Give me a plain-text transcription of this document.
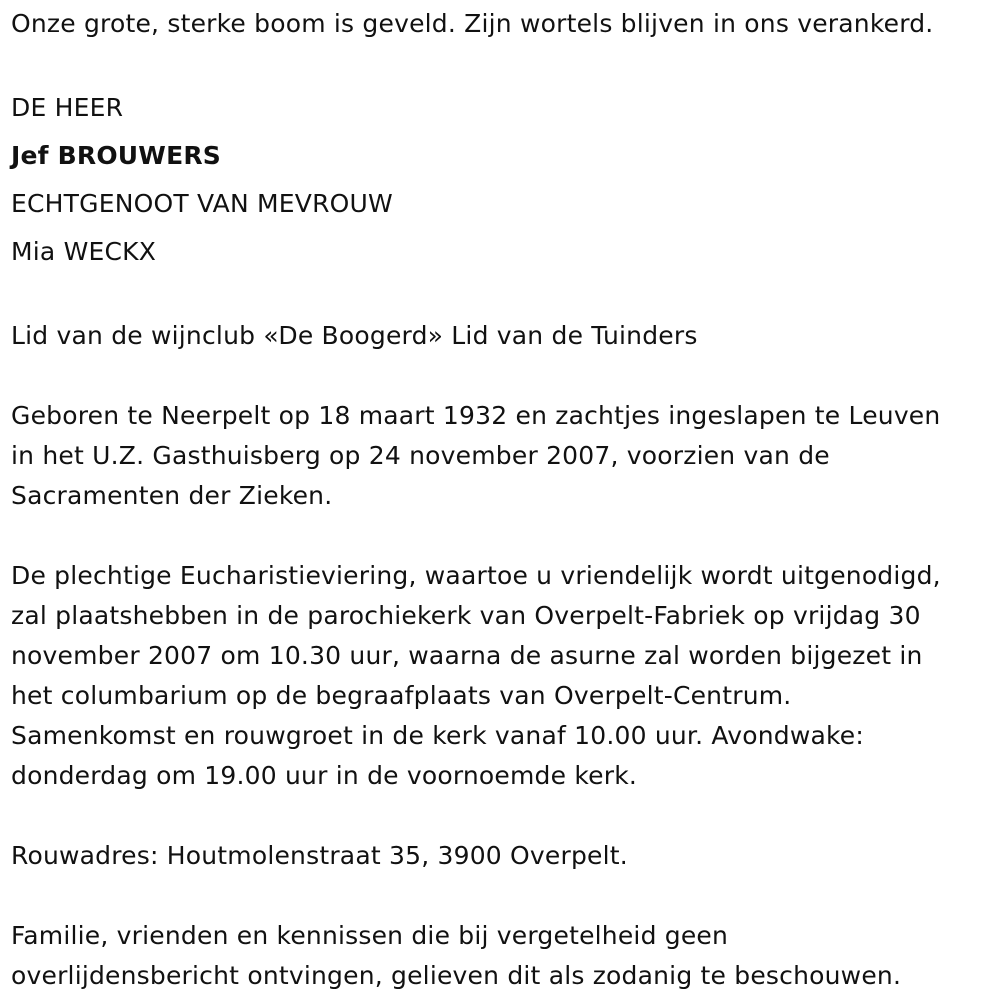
Onze grote, sterke boom is geveld. Zijn wortels blijven in ons verankerd.
DE HEER
Jef BROUWERS
ECHTGENOOT VAN MEVROUW
Mia WECKX
Lid van de wijnclub «De Boogerd» Lid van de Tuinders
Geboren te Neerpelt op 18 maart 1932 en zachtjes ingeslapen te Leuven
in het U.Z. Gasthuisberg op 24 november 2007, voorzien van de
Sacramenten der Zieken.
De plechtige Eucharistieviering, waartoe u vriendelijk wordt uitgenodigd,
zal plaatshebben in de parochiekerk van Overpelt-Fabriek op vrijdag 30
november 2007 om 10.30 uur, waarna de asurne zal worden bijgezet in
het columbarium op de begraafplaats van Overpelt-Centrum.
Samenkomst en rouwgroet in de kerk vanaf 10.00 uur. Avondwake:
donderdag om 19.00 uur in de voornoemde kerk.
Rouwadres: Houtmolenstraat 35, 3900 Overpelt.
Familie, vrienden en kennissen die bij vergetelheid geen
overlijdensbericht ontvingen, gelieven dit als zodanig te beschouwen.
